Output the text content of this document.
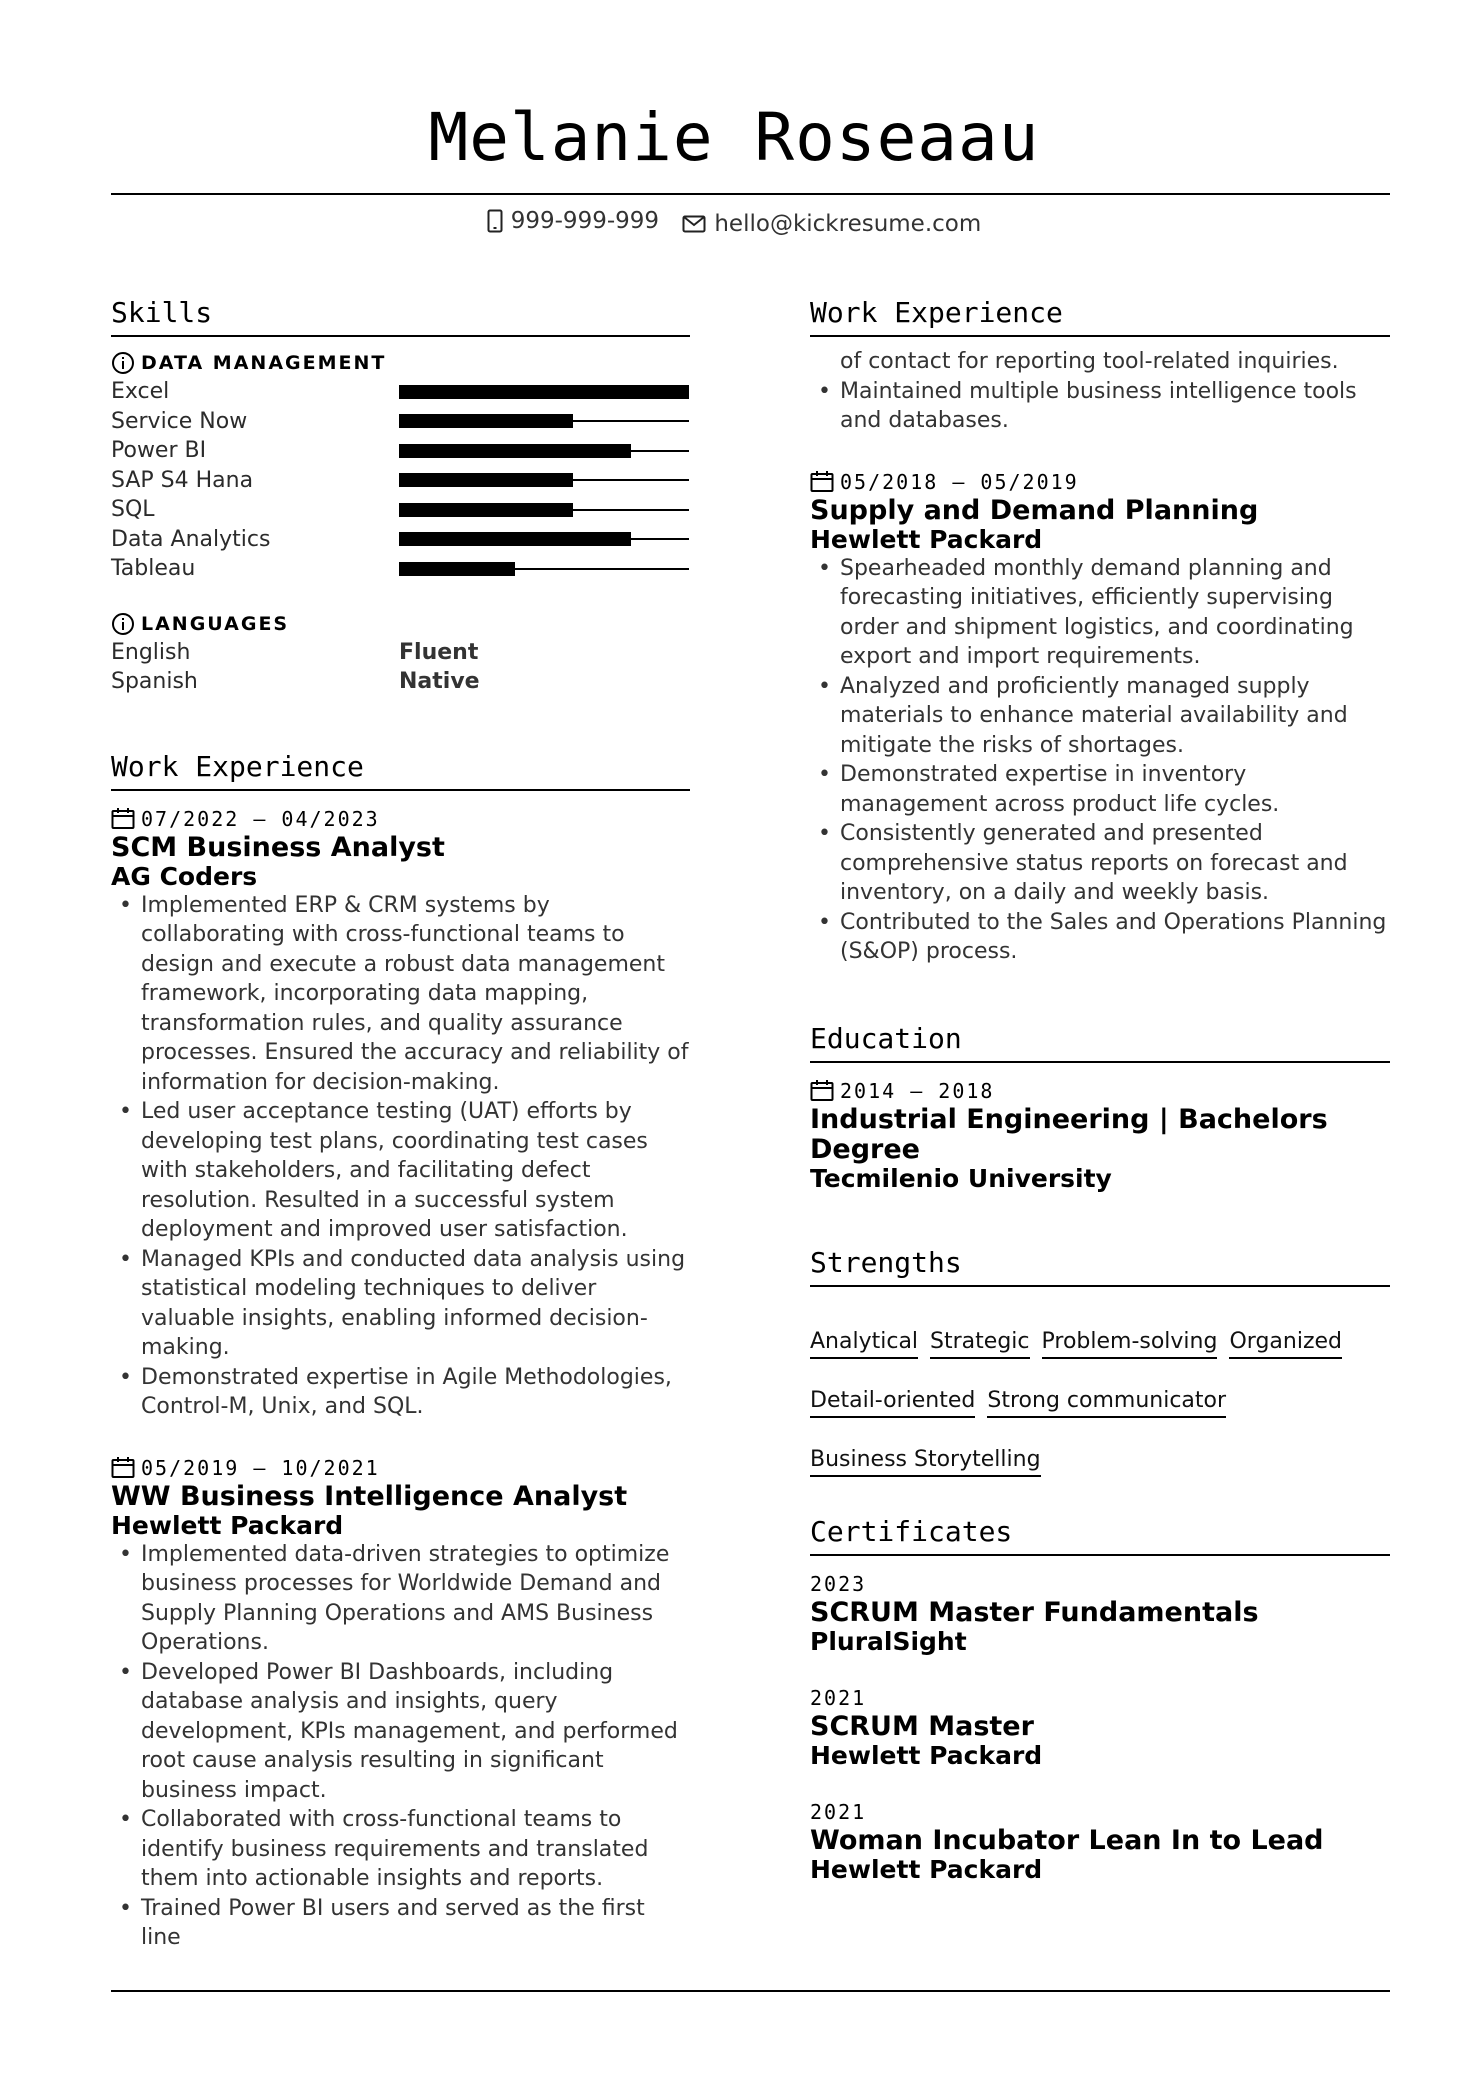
Melanie Roseaau
999-999-999
hello@kickresume.com
Skills
DATA MANAGEMENT
Excel
Service Now
Power BI
SAP S4 Hana
SQL
Data Analytics
Tableau
LANGUAGES
English	Fluent
Spanish	Native
Work Experience
07/2022 – 04/2023
SCM Business Analyst
AG Coders
• Implemented ERP & CRM systems by collaborating with cross-functional teams to design and execute a robust data management framework, incorporating data mapping, transformation rules, and quality assurance processes. Ensured the accuracy and reliability of information for decision-making.
• Led user acceptance testing (UAT) efforts by developing test plans, coordinating test cases with stakeholders, and facilitating defect resolution. Resulted in a successful system deployment and improved user satisfaction.
• Managed KPIs and conducted data analysis using statistical modeling techniques to deliver valuable insights, enabling informed decision-making.
• Demonstrated expertise in Agile Methodologies, Control-M, Unix, and SQL.
05/2019 – 10/2021
WW Business Intelligence Analyst
Hewlett Packard
• Implemented data-driven strategies to optimize business processes for Worldwide Demand and Supply Planning Operations and AMS Business Operations.
• Developed Power BI Dashboards, including database analysis and insights, query development, KPIs management, and performed root cause analysis resulting in significant business impact.
• Collaborated with cross-functional teams to identify business requirements and translated them into actionable insights and reports.
• Trained Power BI users and served as the first line
Work Experience
of contact for reporting tool-related inquiries.
• Maintained multiple business intelligence tools and databases.
05/2018 – 05/2019
Supply and Demand Planning
Hewlett Packard
• Spearheaded monthly demand planning and forecasting initiatives, efficiently supervising order and shipment logistics, and coordinating export and import requirements.
• Analyzed and proficiently managed supply materials to enhance material availability and mitigate the risks of shortages.
• Demonstrated expertise in inventory management across product life cycles.
• Consistently generated and presented comprehensive status reports on forecast and inventory, on a daily and weekly basis.
• Contributed to the Sales and Operations Planning (S&OP) process.
Education
2014 – 2018
Industrial Engineering | Bachelors Degree
Tecmilenio University
Strengths
Analytical Strategic Problem-solving Organized
Detail-oriented Strong communicator
Business Storytelling
Certificates
2023
SCRUM Master Fundamentals
PluralSight
2021
SCRUM Master
Hewlett Packard
2021
Woman Incubator Lean In to Lead
Hewlett Packard
